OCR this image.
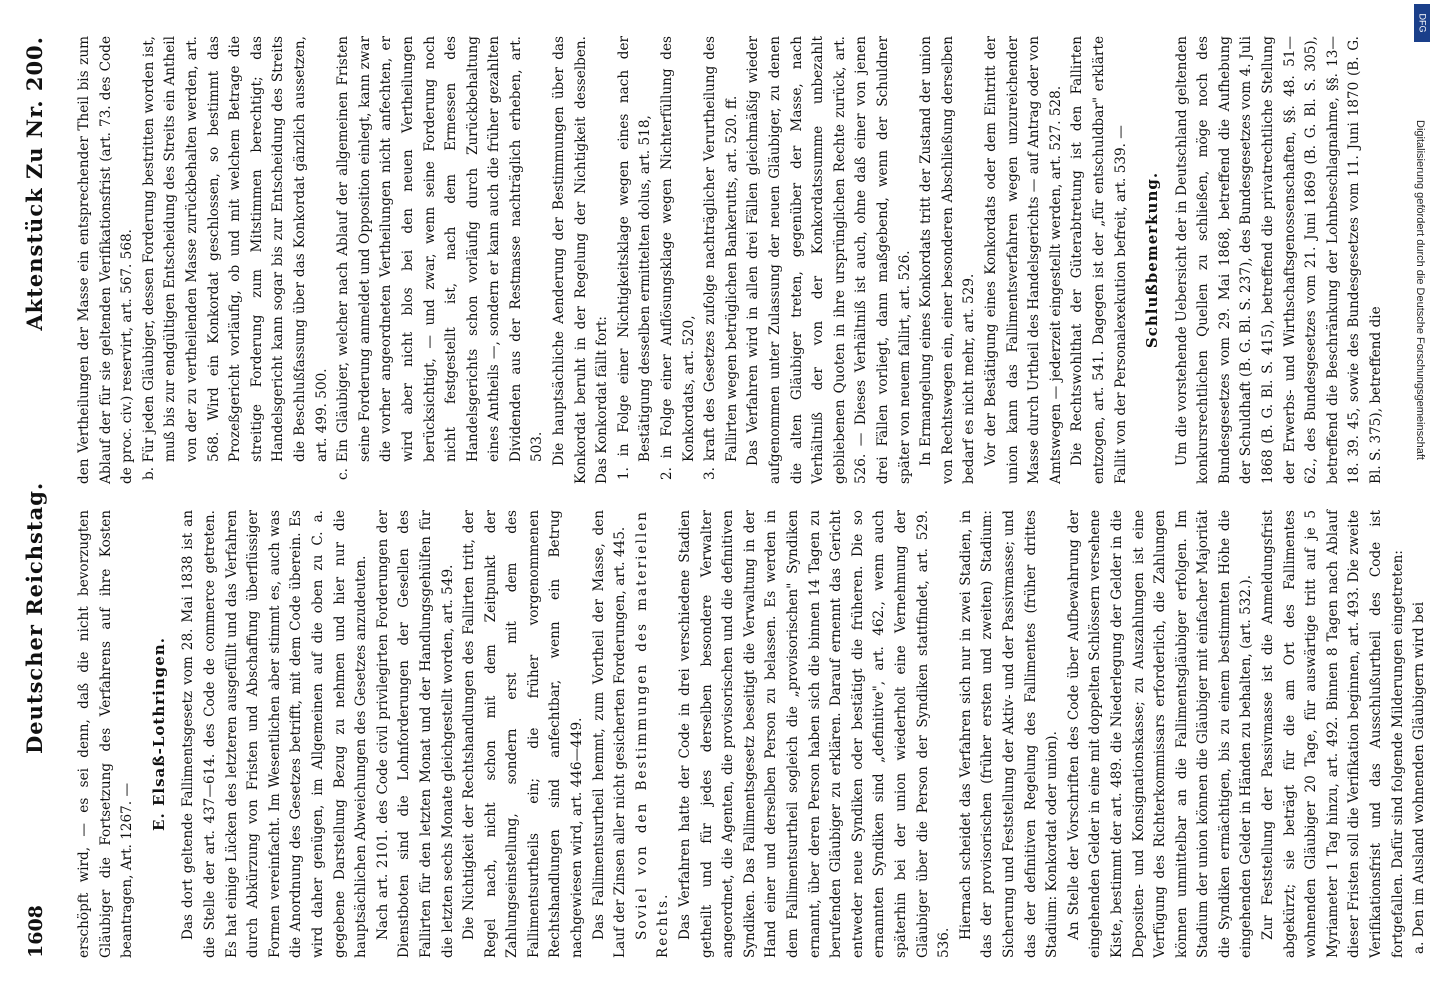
1608
Deutscher Reichstag.
Aktenstück Zu Nr. 200.

erschöpft wird, — es sei denn, daß die nicht bevorzugten Gläubiger die Fortsetzung des Verfahrens auf ihre Kosten beantragen, Art. 1267. —

E. Elsaß-Lothringen. Das dort geltende Fallimentsgesetz vom 28. Mai 1838 ist an die Stelle der art. 437—614. des Code de commerce getreten. Es hat einige Lücken des letzteren ausgefüllt und das Verfahren durch Abkürzung von Fristen und Abschaffung überflüssiger Formen vereinfacht. Im Wesentlichen aber stimmt es, auch was die Anordnung des Gesetzes betrifft, mit dem Code überein. Es wird daher genügen, im Allgemeinen auf die oben zu C. a. gegebene Darstellung Bezug zu nehmen und hier nur die hauptsächlichen Abweichungen des Gesetzes anzudeuten. Nach art. 2101. des Code civil privilegirten Forderungen der Dienstboten sind die Lohnforderungen der Gesellen des Fallirten für den letzten Monat und der Handlungsgehülfen für die letzten sechs Monate gleichgestellt worden, art. 549. Die Nichtigkeit der Rechtshandlungen des Fallirten tritt, der Regel nach, nicht schon mit dem Zeitpunkt der Zahlungseinstellung, sondern erst mit dem des Fallimentsurtheils ein; die früher vorgenommenen Rechtshandlungen sind anfechtbar, wenn ein Betrug nachgewiesen wird, art. 446—449. Das Fallimentsurtheil hemmt, zum Vortheil der Masse, den Lauf der Zinsen aller nicht gesicherten Forderungen, art. 445. Soviel von den Bestimmungen des materiellen Rechts. Das Verfahren hatte der Code in drei verschiedene Stadien getheilt und für jedes derselben besondere Verwalter angeordnet, die Agenten, die provisorischen und die definitiven Syndiken. Das Fallimentsgesetz beseitigt die Verwaltung in der Hand einer und derselben Person zu belassen. Es werden in dem Fallimentsurtheil sogleich die „provisorischen" Syndiken ernannt, über deren Person haben sich die binnen 14 Tagen zu berufenden Gläubiger zu erklären. Darauf ernennt das Gericht entweder neue Syndiken oder bestätigt die früheren. Die so ernannten Syndiken sind „definitive", art. 462., wenn auch späterhin bei der union wiederholt eine Vernehmung der Gläubiger über die Person der Syndiken stattfindet, art. 529. 536.

Hiernach scheidet das Verfahren sich nur in zwei Stadien, in das der provisorischen (früher ersten und zweiten) Stadium: Sicherung und Feststellung der Aktiv- und der Passivmasse; und das der definitiven Regelung des Fallimentes (früher drittes Stadium: Konkordat oder union). An Stelle der Vorschriften des Code über Aufbewahrung der eingehenden Gelder in eine mit doppelten Schlössern versehene Kiste, bestimmt der art. 489. die Niederlegung der Gelder in die Depositen- und Konsignationskasse; zu Auszahlungen ist eine Verfügung des Richterkommissars erforderlich, die Zahlungen können unmittelbar an die Fallimentsgläubiger erfolgen. Im Stadium der union können die Gläubiger mit einfacher Majorität die Syndiken ermächtigen, bis zu einem bestimmten Höhe die eingehenden Gelder in Händen zu behalten, (art. 532.). Zur Feststellung der Passivmasse ist die Anmeldungsfrist abgekürzt; sie beträgt für die am Ort des Fallimentes wohnenden Gläubiger 20 Tage, für auswärtige tritt auf je 5 Myriameter 1 Tag hinzu, art. 492. Binnen 8 Tagen nach Ablauf dieser Fristen soll die Verifikation beginnen, art. 493. Die zweite Verifikationsfrist und das Ausschlußurtheil des Code ist fortgefallen. Dafür sind folgende Milderungen eingetreten: a. Den im Ausland wohnenden Gläubigern wird bei

den Vertheilungen der Masse ein entsprechender Theil bis zum Ablauf der für sie geltenden Verifikationsfrist (art. 73. des Code de proc. civ.) reservirt, art. 567. 568. b. Für jeden Gläubiger, dessen Forderung bestritten worden ist, muß bis zur endgültigen Entscheidung des Streits ein Antheil von der zu vertheilenden Masse zurückbehalten werden, art. 568. Wird ein Konkordat geschlossen, so bestimmt das Prozeßgericht vorläufig, ob und mit welchem Betrage die streitige Forderung zum Mitstimmen berechtigt; das Handelsgericht kann sogar bis zur Entscheidung des Streits die Beschlußfassung über das Konkordat gänzlich aussetzen, art. 499. 500. c. Ein Gläubiger, welcher nach Ablauf der allgemeinen Fristen seine Forderung anmeldet und Opposition einlegt, kann zwar die vorher angeordneten Vertheilungen nicht anfechten, er wird aber nicht blos bei den neuen Vertheilungen berücksichtigt, — und zwar, wenn seine Forderung noch nicht festgestellt ist, nach dem Ermessen des Handelsgerichts schon vorläufig durch Zurückbehaltung eines Antheils —, sondern er kann auch die früher gezahlten Dividenden aus der Restmasse nachträglich erheben, art. 503. Die hauptsächliche Aenderung der Bestimmungen über das Konkordat beruht in der Regelung der Nichtigkeit desselben. Das Konkordat fällt fort: 1. in Folge einer Nichtigkeitsklage wegen eines nach der Bestätigung desselben ermittelten dolus, art. 518, 2. in Folge einer Auflösungsklage wegen Nichterfüllung des Konkordats, art. 520, 3. kraft des Gesetzes zufolge nachträglicher Verurtheilung des Fallirten wegen betrüglichen Bankerutts, art. 520. ff. Das Verfahren wird in allen drei Fällen gleichmäßig wieder aufgenommen unter Zulassung der neuen Gläubiger, zu denen die alten Gläubiger treten, gegenüber der Masse, nach Verhältniß der von der Konkordatssumme unbezahlt gebliebenen Quoten in ihre ursprünglichen Rechte zurück, art. 526. — Dieses Verhältniß ist auch, ohne daß einer von jenen drei Fällen vorliegt, dann maßgebend, wenn der Schuldner später von neuem fallirt, art. 526. In Ermangelung eines Konkordats tritt der Zustand der union von Rechtswegen ein, einer besonderen Abschließung derselben bedarf es nicht mehr, art. 529. Vor der Bestätigung eines Konkordats oder dem Eintritt der union kann das Fallimentsverfahren wegen unzureichender Masse durch Urtheil des Handelsgerichts — auf Antrag oder von Amtswegen — jederzeit eingestellt werden, art. 527. 528. Die Rechtswohlthat der Güterabtretung ist den Fallirten entzogen, art. 541. Dagegen ist der „für entschuldbar" erklärte Fallit von der Personalexekution befreit, art. 539. — Schlußbemerkung. Um die vorstehende Uebersicht der in Deutschland geltenden konkursrechtlichen Quellen zu schließen, möge noch des Bundesgesetzes vom 29. Mai 1868, betreffend die Aufhebung der Schuldhaft (B. G. Bl. S. 237), des Bundesgesetzes vom 4. Juli 1868 (B. G. Bl. S. 415), betreffend die privatrechtliche Stellung der Erwerbs- und Wirthschaftsgenossenschaften, §§. 48. 51—62., des Bundesgesetzes vom 21. Juni 1869 (B. G. Bl. S. 305), betreffend die Beschränkung der Lohnbeschlagnahme, §§. 13—18. 39. 45, sowie des Bundesgesetzes vom 11. Juni 1870 (B. G. Bl. S. 375), betreffend die

DFG
Digitalisierung gefördert durch die Deutsche Forschungsgemeinschaft
